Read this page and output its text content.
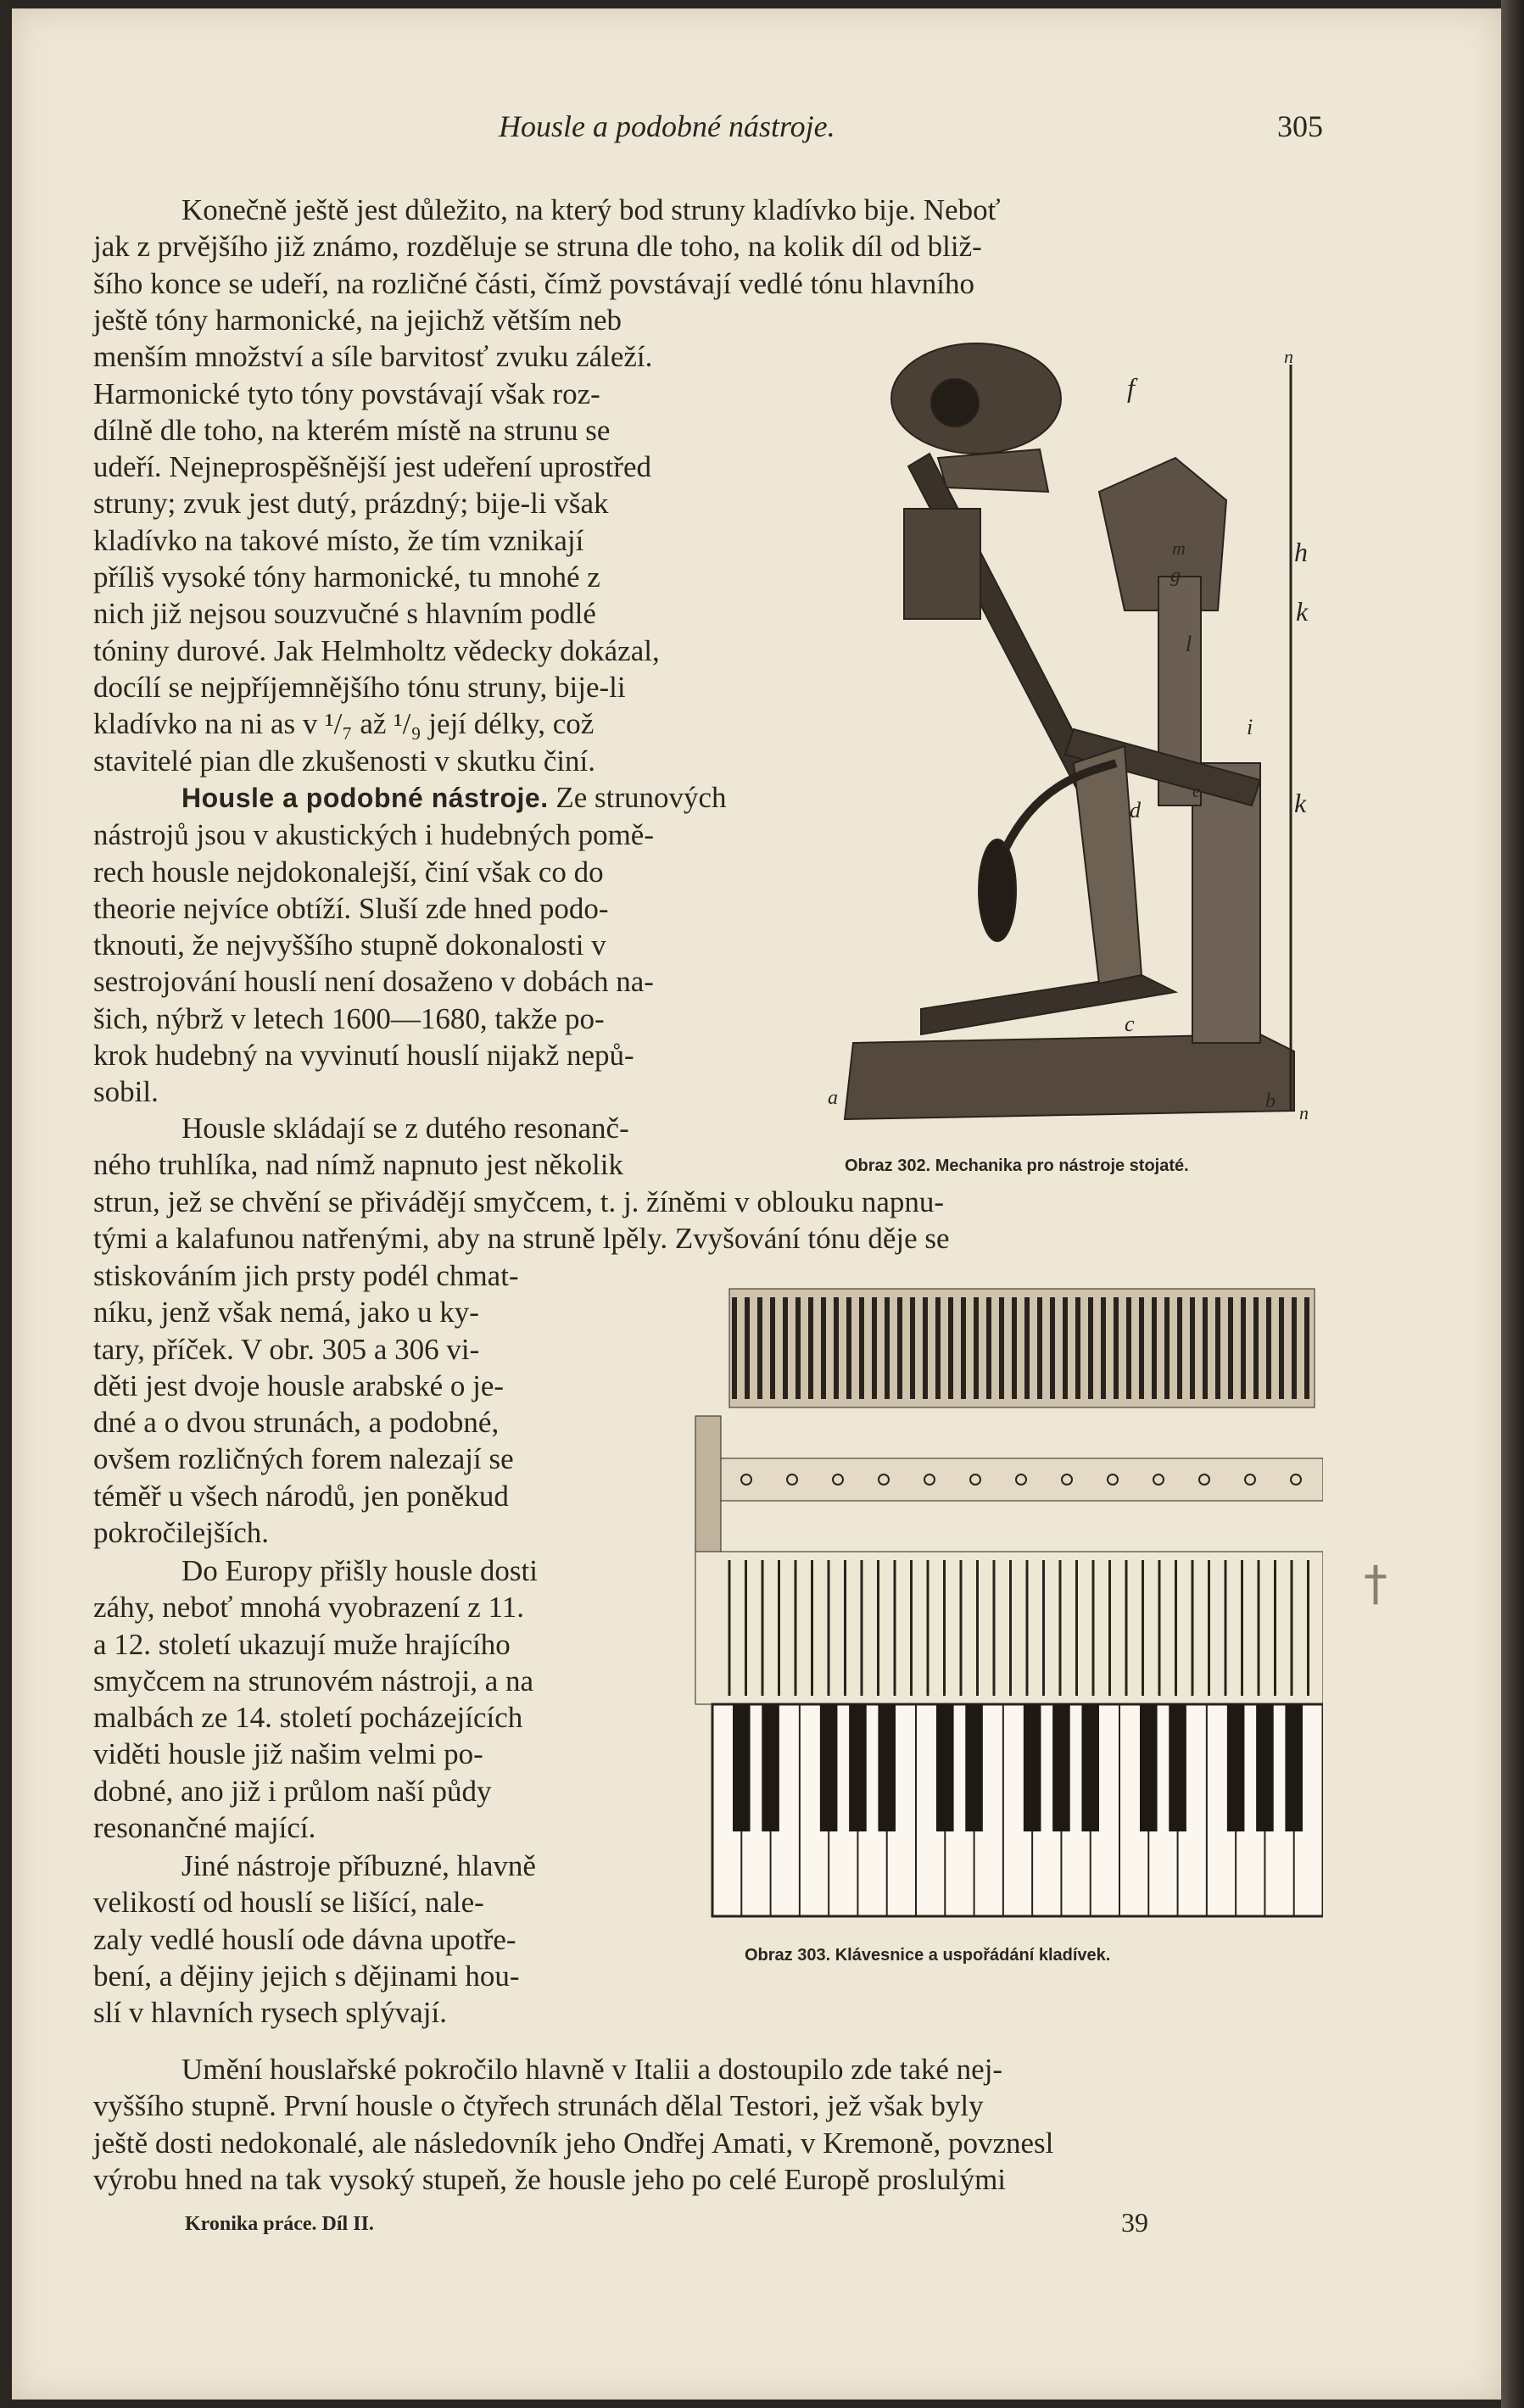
Housle a podobné nástroje.	305
Konečně ještě jest důležito, na který bod struny kladívko bije. Neboť
jak z prvějšího již známo, rozděluje se struna dle toho, na kolik díl od bliž-
šího konce se udeří, na rozličné části, čímž povstávají vedlé tónu hlavního
ještě tóny harmonické, na jejichž větším neb
menším množství a síle barvitosť zvuku záleží.
Harmonické tyto tóny povstávají však roz-
dílně dle toho, na kterém místě na strunu se
udeří. Nejneprospěšnější jest udeření uprostřed
struny; zvuk jest dutý, prázdný; bije-li však
kladívko na takové místo, že tím vznikají
příliš vysoké tóny harmonické, tu mnohé z
nich již nejsou souzvučné s hlavním podlé
tóniny durové. Jak Helmholtz vědecky dokázal,
docílí se nejpříjemnějšího tónu struny, bije-li
kladívko na ni as v ¹/₇ až ¹/₉ její délky, což
stavitelé pian dle zkušenosti v skutku činí.
Housle a podobné nástroje. Ze strunových
nástrojů jsou v akustických i hudebných pomě-
rech housle nejdokonalejší, činí však co do
theorie nejvíce obtíží. Sluší zde hned podo-
tknouti, že nejvyššího stupně dokonalosti v
sestrojování houslí není dosaženo v dobách na-
šich, nýbrž v letech 1600—1680, takže po-
krok hudebný na vyvinutí houslí nijakž nepů-
sobil.
Housle skládají se z dutého resonanč-
ného truhlíka, nad nímž napnuto jest několik
strun, jež se chvění se přivádějí smyčcem, t. j. žíněmi v oblouku napnu-
tými a kalafunou natřenými, aby na struně lpěly. Zvyšování tónu děje se
stiskováním jich prsty podél chmat-
níku, jenž však nemá, jako u ky-
tary, příček. V obr. 305 a 306 vi-
děti jest dvoje housle arabské o je-
dné a o dvou strunách, a podobné,
ovšem rozličných forem nalezají se
téměř u všech národů, jen poněkud
pokročilejších.
Do Europy přišly housle dosti
záhy, neboť mnohá vyobrazení z 11.
a 12. století ukazují muže hrajícího
smyčcem na strunovém nástroji, a na
malbách ze 14. století pocházejících
viděti housle již našim velmi po-
dobné, ano již i průlom naší půdy
resonančné mající.
Jiné nástroje příbuzné, hlavně
velikostí od houslí se lišící, nale-
zaly vedlé houslí ode dávna upotře-
bení, a dějiny jejich s dějinami hou-
slí v hlavních rysech splývají.
Umění houslařské pokročilo hlavně v Italii a dostoupilo zde také nej-
vyššího stupně. První housle o čtyřech strunách dělal Testori, jež však byly
ještě dosti nedokonalé, ale následovník jeho Ondřej Amati, v Kremoně, povznesl
výrobu hned na tak vysoký stupeň, že housle jeho po celé Europě proslulými
f
n
h
m
g
k
l
i
d
e	k
c
a	b
n
Obraz 302. Mechanika pro nástroje stojaté.
Obraz 303. Klávesnice a uspořádání kladívek.
†
Kronika práce. Díl II.	39
